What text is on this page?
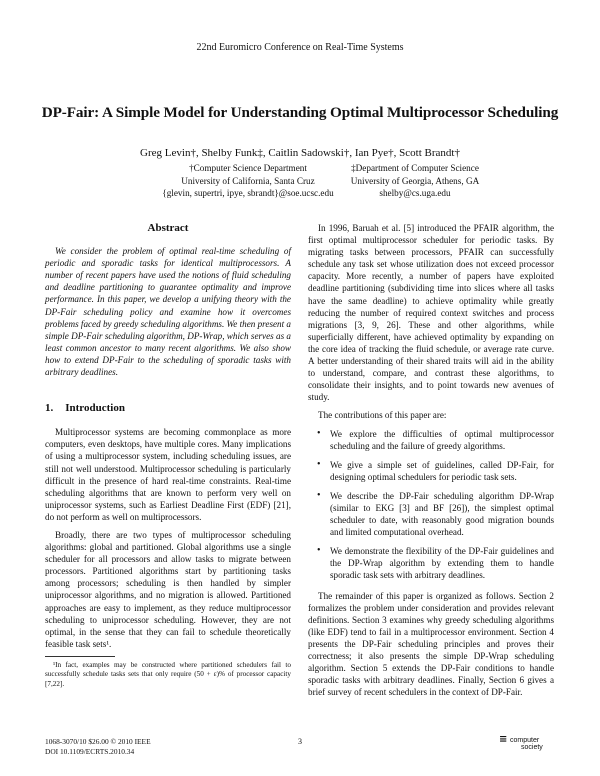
22nd Euromicro Conference on Real-Time Systems
DP-Fair: A Simple Model for Understanding Optimal Multiprocessor Scheduling
Greg Levin†, Shelby Funk‡, Caitlin Sadowski†, Ian Pye†, Scott Brandt†
†Computer Science Department
University of California, Santa Cruz
{glevin, supertri, ipye, sbrandt}@soe.ucsc.edu
‡Department of Computer Science
University of Georgia, Athens, GA
shelby@cs.uga.edu
Abstract

We consider the problem of optimal real-time scheduling of periodic and sporadic tasks for identical multiprocessors. A number of recent papers have used the notions of fluid scheduling and deadline partitioning to guarantee optimality and improve performance. In this paper, we develop a unifying theory with the DP-Fair scheduling policy and examine how it overcomes problems faced by greedy scheduling algorithms. We then present a simple DP-Fair scheduling algorithm, DP-Wrap, which serves as a least common ancestor to many recent algorithms. We also show how to extend DP-Fair to the scheduling of sporadic tasks with arbitrary deadlines.

1. Introduction

Multiprocessor systems are becoming commonplace as more computers, even desktops, have multiple cores. Many implications of using a multiprocessor system, including scheduling issues, are still not well understood. Multiprocessor scheduling is particularly difficult in the presence of hard real-time constraints. Real-time scheduling algorithms that are known to perform very well on uniprocessor systems, such as Earliest Deadline First (EDF) [21], do not perform as well on multiprocessors.

Broadly, there are two types of multiprocessor scheduling algorithms: global and partitioned. Global algorithms use a single scheduler for all processors and allow tasks to migrate between processors. Partitioned algorithms start by partitioning tasks among processors; scheduling is then handled by simpler uniprocessor algorithms, and no migration is allowed. Partitioned approaches are easy to implement, as they reduce multiprocessor scheduling to uniprocessor scheduling. However, they are not optimal, in the sense that they can fail to schedule theoretically feasible task sets¹.

¹In fact, examples may be constructed where partitioned schedulers fail to successfully schedule tasks sets that only require (50 + ε)% of processor capacity [7,22].

In 1996, Baruah et al. [5] introduced the PFAIR algorithm, the first optimal multiprocessor scheduler for periodic tasks. By migrating tasks between processors, PFAIR can successfully schedule any task set whose utilization does not exceed processor capacity. More recently, a number of papers have exploited deadline partitioning (subdividing time into slices where all tasks have the same deadline) to achieve optimality while greatly reducing the number of required context switches and process migrations [3, 9, 26]. These and other algorithms, while superficially different, have achieved optimality by expanding on the core idea of tracking the fluid schedule, or average rate curve. A better understanding of their shared traits will aid in the ability to understand, compare, and contrast these algorithms, to consolidate their insights, and to point towards new avenues of study.

The contributions of this paper are:

• We explore the difficulties of optimal multiprocessor scheduling and the failure of greedy algorithms.
• We give a simple set of guidelines, called DP-Fair, for designing optimal schedulers for periodic task sets.
• We describe the DP-Fair scheduling algorithm DP-Wrap (similar to EKG [3] and BF [26]), the simplest optimal scheduler to date, with reasonably good migration bounds and limited computational overhead.
• We demonstrate the flexibility of the DP-Fair guidelines and the DP-Wrap algorithm by extending them to handle sporadic task sets with arbitrary deadlines.

The remainder of this paper is organized as follows. Section 2 formalizes the problem under consideration and provides relevant definitions. Section 3 examines why greedy scheduling algorithms (like EDF) tend to fail in a multiprocessor environment. Section 4 presents the DP-Fair scheduling principles and proves their correctness; it also presents the simple DP-Wrap scheduling algorithm. Section 5 extends the DP-Fair conditions to handle sporadic tasks with arbitrary deadlines. Finally, Section 6 gives a brief survey of recent schedulers in the context of DP-Fair.

1068-3070/10 $26.00 © 2010 IEEE
DOI 10.1109/ECRTS.2010.34
3	≡ computer
society
